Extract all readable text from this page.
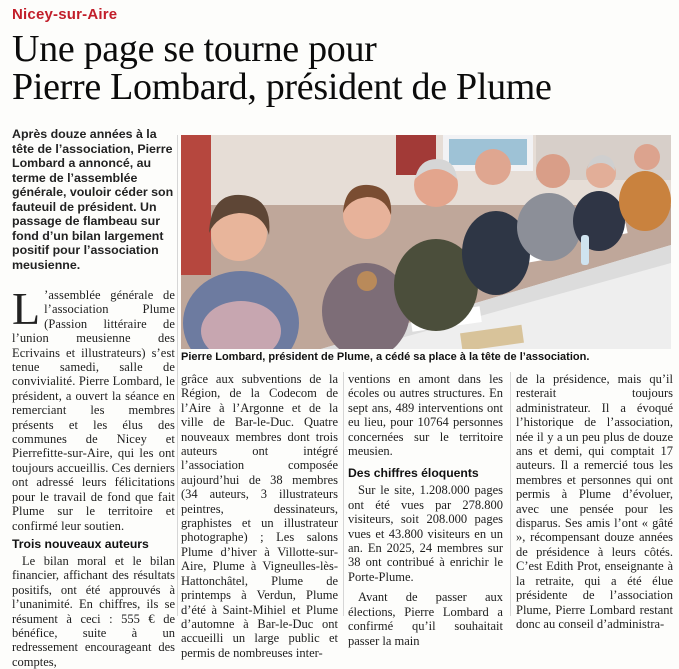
Nicey-sur-Aire
Une page se tourne pour
Pierre Lombard, président de Plume

Après douze années à la tête de l’association, Pierre Lombard a annoncé, au terme de l’assemblée générale, vouloir céder son fauteuil de président. Un passage de flambeau sur fond d’un bilan largement positif pour l’association meusienne.

Pierre Lombard, président de Plume, a cédé sa place à la tête de l’association.

L ’assemblée générale de l’association Plume (Passion littéraire de l’union meusienne des Ecrivains et illustrateurs) s’est tenue samedi, salle de convivialité. Pierre Lombard, le président, a ouvert la séance en remerciant les membres présents et les élus des communes de Nicey et Pierrefitte-sur-Aire, qui les ont toujours accueillis. Ces derniers ont adressé leurs félicitations pour le travail de fond que fait Plume sur le territoire et confirmé leur soutien.

Trois nouveaux auteurs

Le bilan moral et le bilan financier, affichant des résultats positifs, ont été approuvés à l’unanimité. En chiffres, ils se résument à ceci : 555 € de bénéfice, suite à un redressement encourageant des comptes,

grâce aux subventions de la Région, de la Codecom de l’Aire à l’Argonne et de la ville de Bar-le-Duc. Quatre nouveaux membres dont trois auteurs ont intégré l’association composée aujourd’hui de 38 membres (34 auteurs, 3 illustrateurs peintres, dessinateurs, graphistes et un illustrateur photographe) ; Les salons Plume d’hiver à Villotte-sur-Aire, Plume à Vigneulles-lès-Hattonchâtel, Plume de printemps à Verdun, Plume d’été à Saint-Mihiel et Plume d’automne à Bar-le-Duc ont accueilli un large public et permis de nombreuses inter-

ventions en amont dans les écoles ou autres structures. En sept ans, 489 interventions ont eu lieu, pour 10764 personnes concernées sur le territoire meusien.

Des chiffres éloquents

Sur le site, 1.208.000 pages ont été vues par 278.800 visiteurs, soit 208.000 pages vues et 43.800 visiteurs en un an. En 2025, 24 membres sur 38 ont contribué à enrichir le Porte-Plume.

Avant de passer aux élections, Pierre Lombard a confirmé qu’il souhaitait passer la main

de la présidence, mais qu’il resterait toujours administrateur. Il a évoqué l’historique de l’association, née il y a un peu plus de douze ans et demi, qui comptait 17 auteurs. Il a remercié tous les membres et personnes qui ont permis à Plume d’évoluer, avec une pensée pour les disparus. Ses amis l’ont « gâté », récompensant douze années de présidence à leurs côtés. C’est Edith Prot, enseignante à la retraite, qui a été élue présidente de l’association Plume, Pierre Lombard restant donc au conseil d’administra-
